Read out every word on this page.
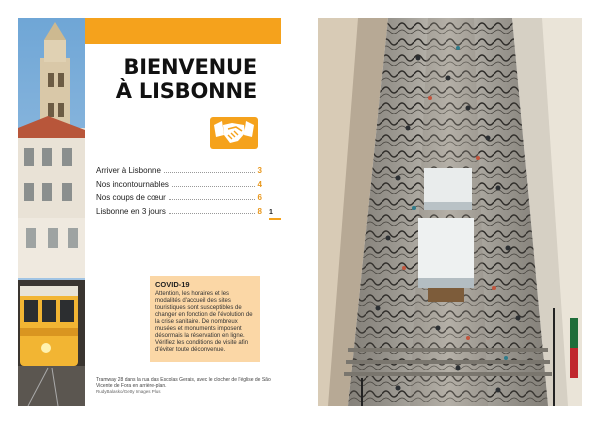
BIENVENUE
À LISBONNE
Arriver à Lisbonne	3
Nos incontournables	4
Nos coups de cœur	6
Lisbonne en 3 jours	8 1

COVID-19

Attention, les horaires et les modalités d'accueil des sites touristiques sont susceptibles de changer en fonction de l'évolution de la crise sanitaire. De nombreux musées et monuments imposent désormais la réservation en ligne. Vérifiez les conditions de visite afin d'éviter toute déconvenue.

Tramway 28 dans la rua das Escolas Gerais, avec le clocher de l'église de São Vicente de Fora en arrière-plan.
RudyBalasko/Getty Images Plus
